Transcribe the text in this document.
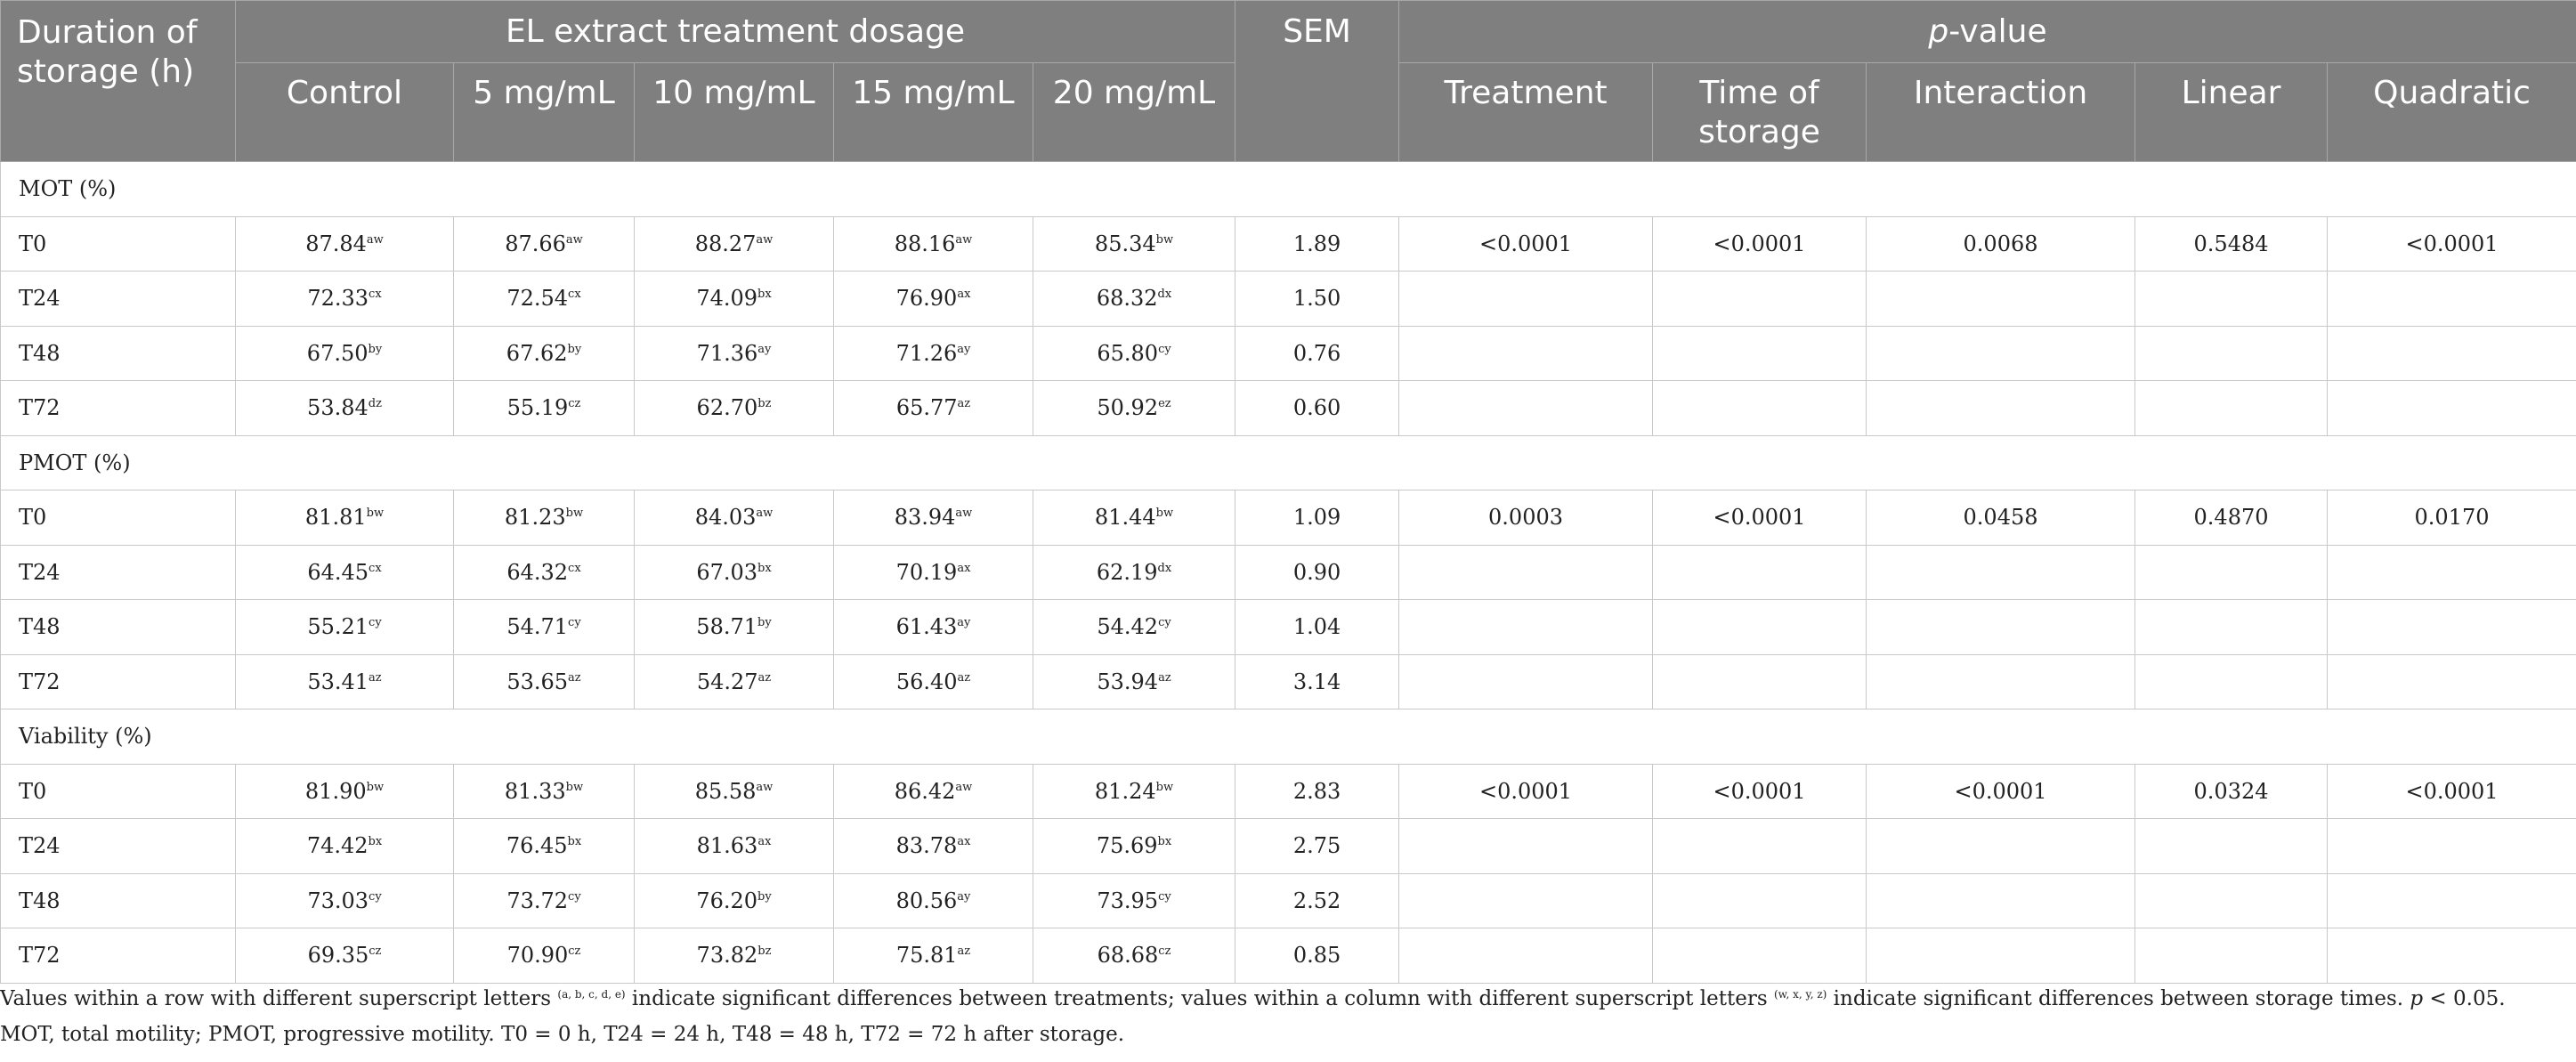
Duration of storage (h)	EL extract treatment dosage					SEM	p-value				
	Control	5 mg/mL	10 mg/mL	15 mg/mL	20 mg/mL		Treatment	Time of storage	Interaction	Linear	Quadratic
MOT (%)											
T0	$87.84^{aw}$	$87.66^{aw}$	$88.27^{aw}$	$88.16^{aw}$	$85.34^{bw}$	1.89	<0.0001	<0.0001	0.0068	0.5484	<0.0001
T24	$72.33^{cx}$	$72.54^{cx}$	$74.09^{bx}$	$76.90^{ax}$	$68.32^{dx}$	1.50					
T48	$67.50^{by}$	$67.62^{by}$	$71.36^{ay}$	$71.26^{ay}$	$65.80^{cy}$	0.76					
T72	$53.84^{dz}$	$55.19^{cz}$	$62.70^{bz}$	$65.77^{az}$	$50.92^{ez}$	0.60					
PMOT (%)											
T0	$81.81^{bw}$	$81.23^{bw}$	$84.03^{aw}$	$83.94^{aw}$	$81.44^{bw}$	1.09	0.0003	<0.0001	0.0458	0.4870	0.0170
T24	$64.45^{cx}$	$64.32^{cx}$	$67.03^{bx}$	$70.19^{ax}$	$62.19^{dx}$	0.90					
T48	$55.21^{cy}$	$54.71^{cy}$	$58.71^{by}$	$61.43^{ay}$	$54.42^{cy}$	1.04					
T72	$53.41^{az}$	$53.65^{az}$	$54.27^{az}$	$56.40^{az}$	$53.94^{az}$	3.14					
Viability (%)											
T0	$81.90^{bw}$	$81.33^{bw}$	$85.58^{aw}$	$86.42^{aw}$	$81.24^{bw}$	2.83	<0.0001	<0.0001	<0.0001	0.0324	<0.0001
T24	$74.42^{bx}$	$76.45^{bx}$	$81.63^{ax}$	$83.78^{ax}$	$75.69^{bx}$	2.75					
T48	$73.03^{cy}$	$73.72^{cy}$	$76.20^{by}$	$80.56^{ay}$	$73.95^{cy}$	2.52					
T72	$69.35^{cz}$	$70.90^{cz}$	$73.82^{bz}$	$75.81^{az}$	$68.68^{cz}$	0.85					
Values within a row with different superscript letters $^{(a, b, c, d, e)}$ indicate significant differences between treatments; values within a column with different superscript letters $^{(w, x, y, z)}$ indicate significant differences between storage times. p < 0.05. MOT, total motility; PMOT, progressive motility. T0 = 0 h, T24 = 24 h, T48 = 48 h, T72 = 72 h after storage.
